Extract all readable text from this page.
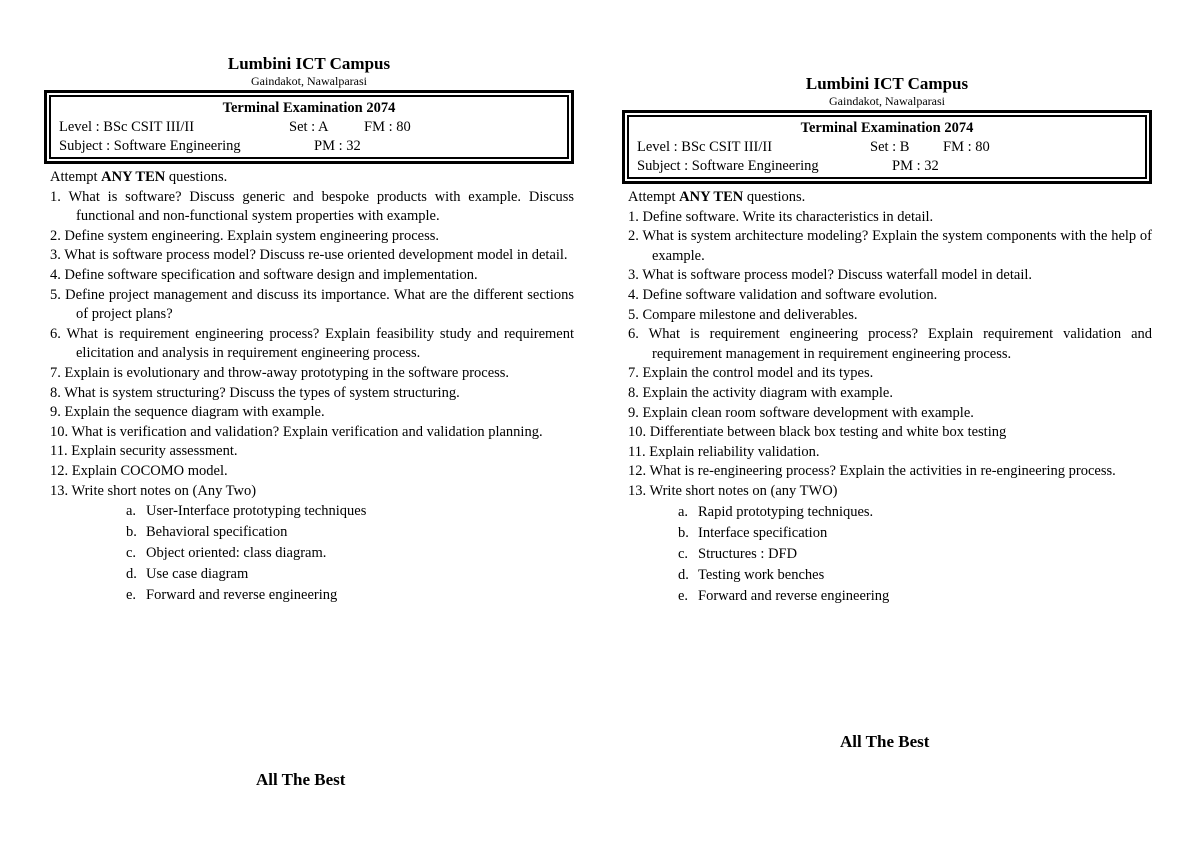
Lumbini ICT Campus
Gaindakot, Nawalparasi
Terminal Examination 2074
Level : BSc CSIT III/II	Set : A	FM : 80
Subject : Software Engineering	PM : 32
Attempt ANY TEN questions.
1. What is software? Discuss generic and bespoke products with example. Discuss functional and non-functional system properties with example.
2. Define system engineering. Explain system engineering process.
3. What is software process model? Discuss re-use oriented development model in detail.
4. Define software specification and software design and implementation.
5. Define project management and discuss its importance. What are the different sections of project plans?
6. What is requirement engineering process? Explain feasibility study and requirement elicitation and analysis in requirement engineering process.
7. Explain is evolutionary and throw-away prototyping in the software process.
8. What is system structuring? Discuss the types of system structuring.
9. Explain the sequence diagram with example.
10. What is verification and validation? Explain verification and validation planning.
11. Explain security assessment.
12. Explain COCOMO model.
13. Write short notes on (Any Two)
a. User-Interface prototyping techniques
b. Behavioral specification
c. Object oriented: class diagram.
d. Use case diagram
e. Forward and reverse engineering
All The Best
Lumbini ICT Campus
Gaindakot, Nawalparasi
Terminal Examination 2074
Level : BSc CSIT III/II	Set : B	FM : 80
Subject : Software Engineering	PM : 32
Attempt ANY TEN questions.
1. Define software. Write its characteristics in detail.
2. What is system architecture modeling? Explain the system components with the help of example.
3. What is software process model? Discuss waterfall model in detail.
4. Define software validation and software evolution.
5. Compare milestone and deliverables.
6. What is requirement engineering process? Explain requirement validation and requirement management in requirement engineering process.
7. Explain the control model and its types.
8. Explain the activity diagram with example.
9. Explain clean room software development with example.
10. Differentiate between black box testing and white box testing
11. Explain reliability validation.
12. What is re-engineering process? Explain the activities in re-engineering process.
13. Write short notes on (any TWO)
a. Rapid prototyping techniques.
b. Interface specification
c. Structures : DFD
d. Testing work benches
e. Forward and reverse engineering
All The Best
